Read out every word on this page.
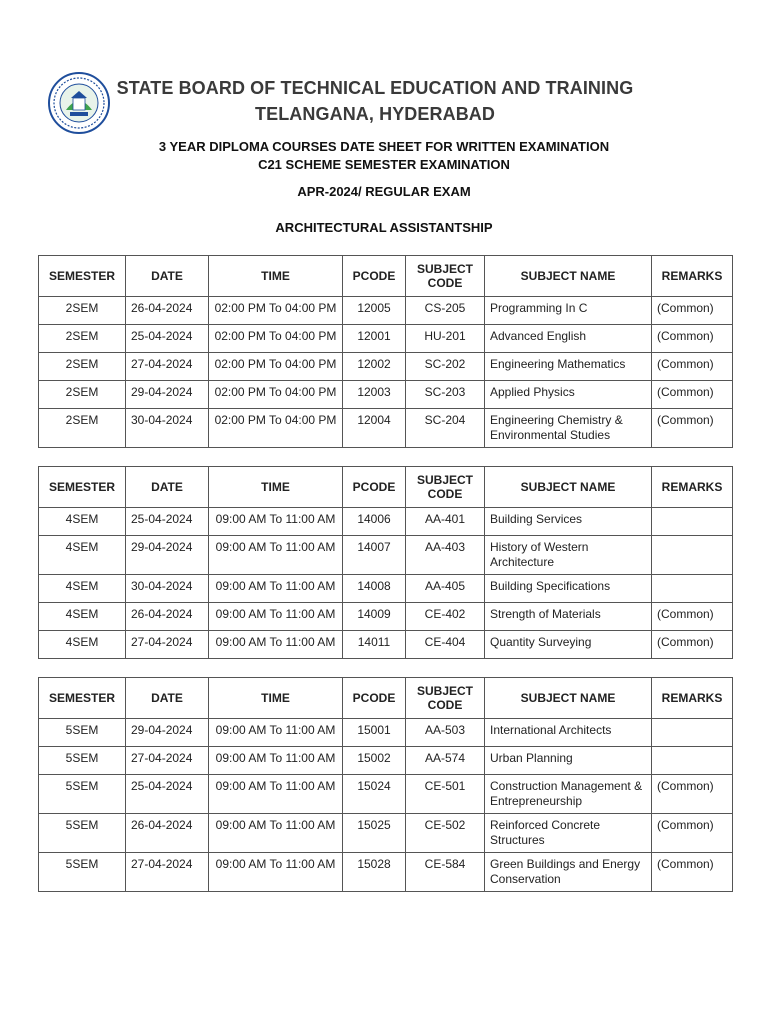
STATE BOARD OF TECHNICAL EDUCATION AND TRAINING
TELANGANA, HYDERABAD
3 YEAR DIPLOMA COURSES DATE SHEET FOR WRITTEN EXAMINATION
C21 SCHEME SEMESTER EXAMINATION
APR-2024/ REGULAR EXAM
ARCHITECTURAL ASSISTANTSHIP
SEMESTER	DATE	TIME	PCODE	SUBJECT CODE	SUBJECT NAME	REMARKS
2SEM	26-04-2024	02:00 PM To 04:00 PM	12005	CS-205	Programming In C	(Common)
2SEM	25-04-2024	02:00 PM To 04:00 PM	12001	HU-201	Advanced English	(Common)
2SEM	27-04-2024	02:00 PM To 04:00 PM	12002	SC-202	Engineering Mathematics	(Common)
2SEM	29-04-2024	02:00 PM To 04:00 PM	12003	SC-203	Applied Physics	(Common)
2SEM	30-04-2024	02:00 PM To 04:00 PM	12004	SC-204	Engineering Chemistry & Environmental Studies	(Common)
SEMESTER	DATE	TIME	PCODE	SUBJECT CODE	SUBJECT NAME	REMARKS
4SEM	25-04-2024	09:00 AM To 11:00 AM	14006	AA-401	Building Services	
4SEM	29-04-2024	09:00 AM To 11:00 AM	14007	AA-403	History of Western Architecture	
4SEM	30-04-2024	09:00 AM To 11:00 AM	14008	AA-405	Building Specifications	
4SEM	26-04-2024	09:00 AM To 11:00 AM	14009	CE-402	Strength of Materials	(Common)
4SEM	27-04-2024	09:00 AM To 11:00 AM	14011	CE-404	Quantity Surveying	(Common)
SEMESTER	DATE	TIME	PCODE	SUBJECT CODE	SUBJECT NAME	REMARKS
5SEM	29-04-2024	09:00 AM To 11:00 AM	15001	AA-503	International Architects	
5SEM	27-04-2024	09:00 AM To 11:00 AM	15002	AA-574	Urban Planning	
5SEM	25-04-2024	09:00 AM To 11:00 AM	15024	CE-501	Construction Management & Entrepreneurship	(Common)
5SEM	26-04-2024	09:00 AM To 11:00 AM	15025	CE-502	Reinforced Concrete Structures	(Common)
5SEM	27-04-2024	09:00 AM To 11:00 AM	15028	CE-584	Green Buildings and Energy Conservation	(Common)
